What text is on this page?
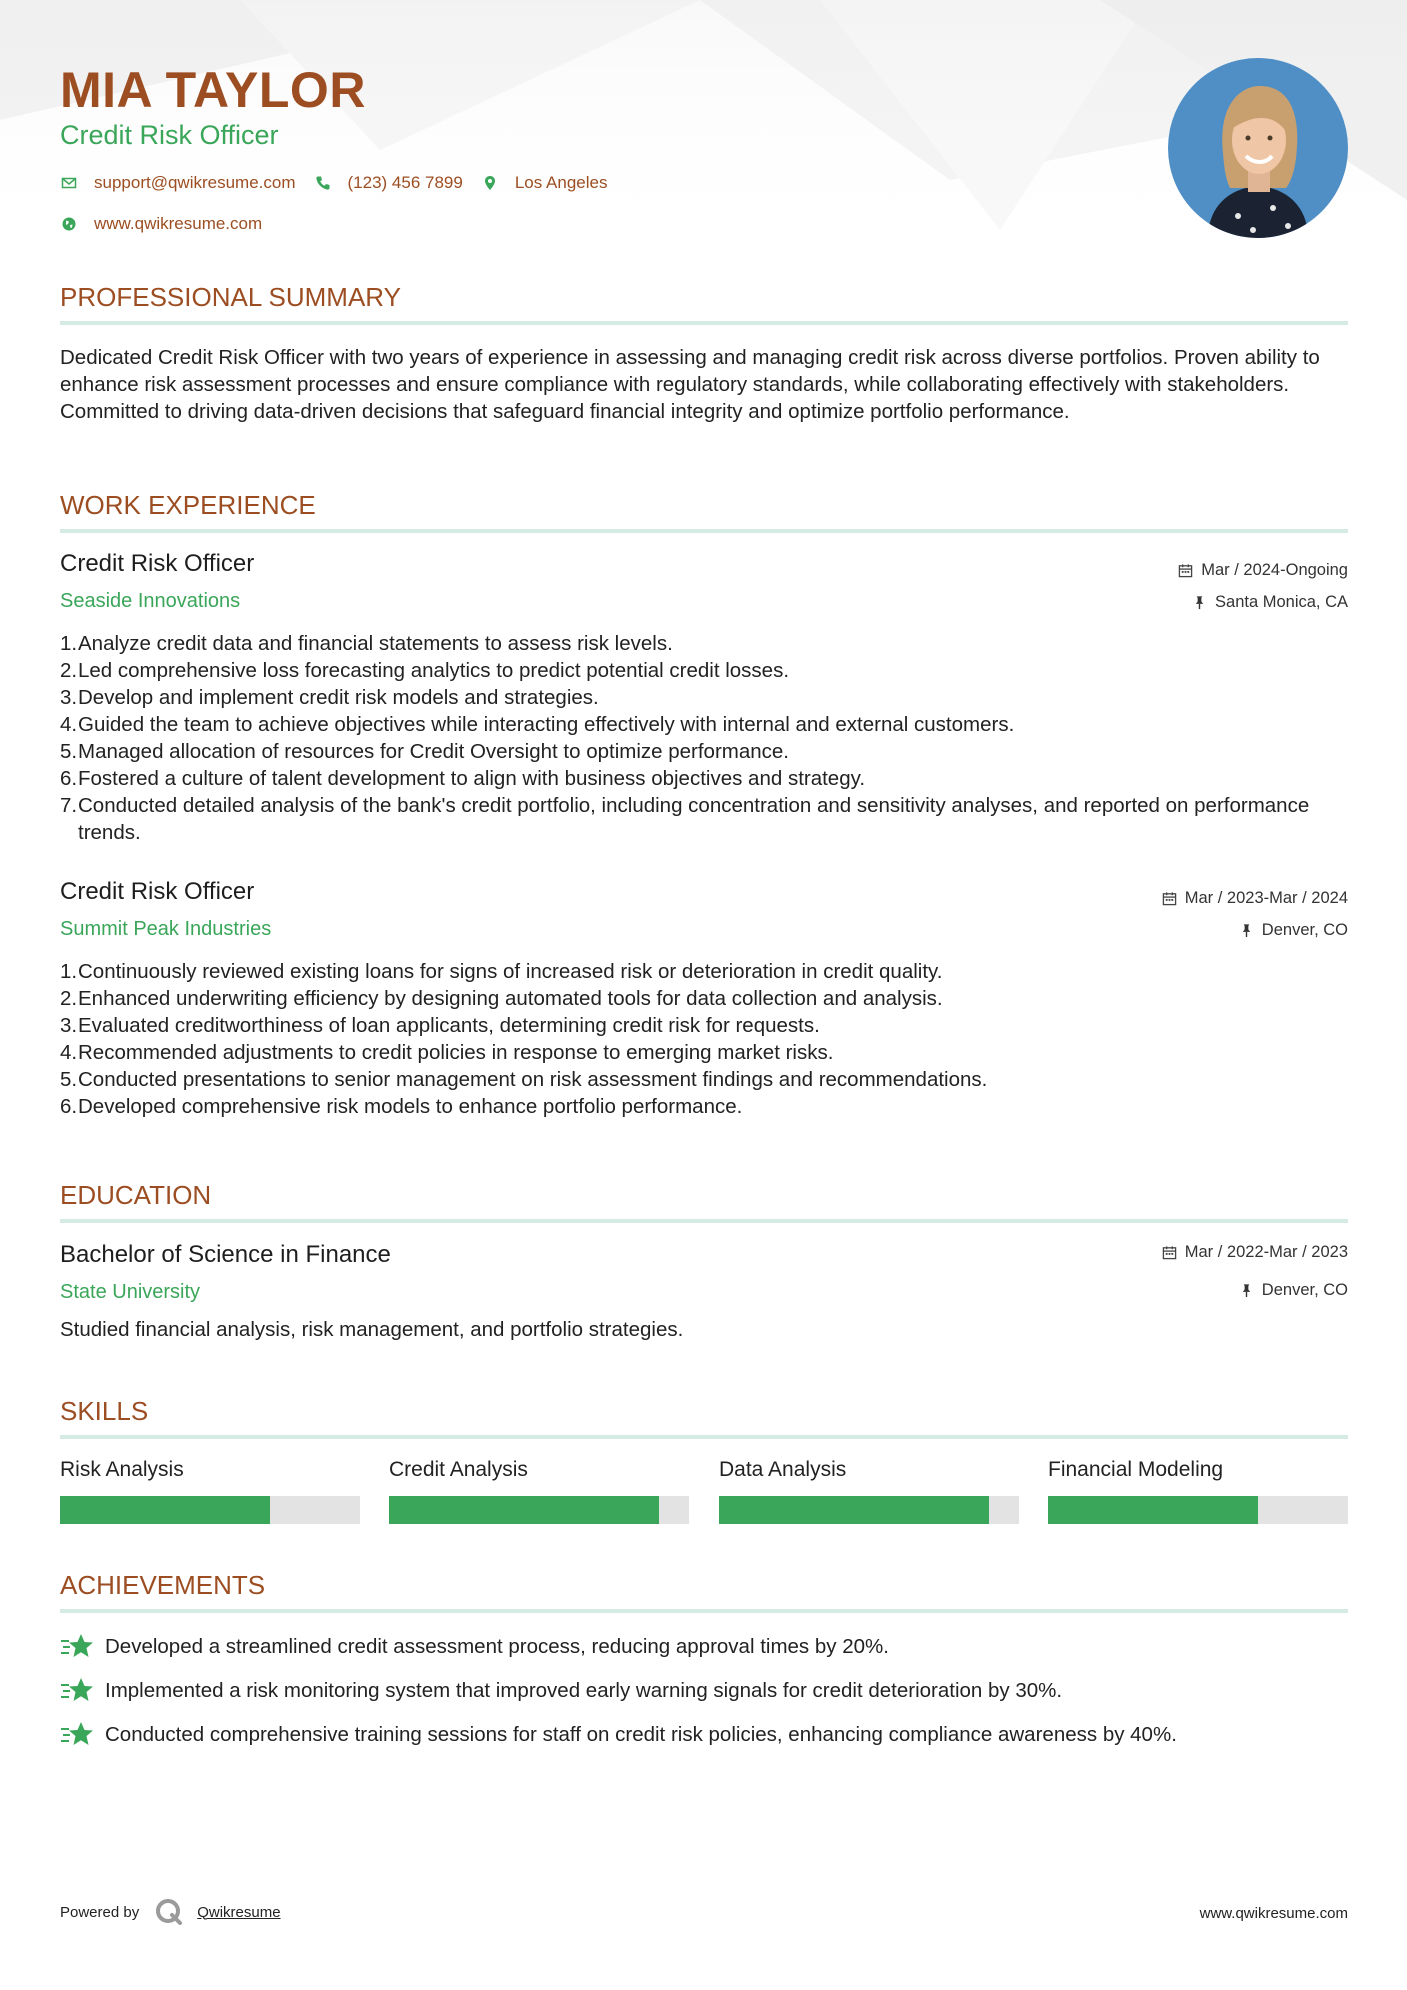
MIA TAYLOR
Credit Risk Officer
support@qwikresume.com	(123) 456 7899	Los Angeles
www.qwikresume.com
PROFESSIONAL SUMMARY

Dedicated Credit Risk Officer with two years of experience in assessing and managing credit risk across diverse portfolios. Proven ability to enhance risk assessment processes and ensure compliance with regulatory standards, while collaborating effectively with stakeholders. Committed to driving data-driven decisions that safeguard financial integrity and optimize portfolio performance.

WORK EXPERIENCE
Credit Risk Officer
Seaside Innovations
Mar / 2024-Ongoing
Santa Monica, CA
1. Analyze credit data and financial statements to assess risk levels.
2. Led comprehensive loss forecasting analytics to predict potential credit losses.
3. Develop and implement credit risk models and strategies.
4. Guided the team to achieve objectives while interacting effectively with internal and external customers.
5. Managed allocation of resources for Credit Oversight to optimize performance.
6. Fostered a culture of talent development to align with business objectives and strategy.
7. Conducted detailed analysis of the bank's credit portfolio, including concentration and sensitivity analyses, and reported on performance trends.
Credit Risk Officer
Summit Peak Industries
Mar / 2023-Mar / 2024
Denver, CO
1. Continuously reviewed existing loans for signs of increased risk or deterioration in credit quality.
2. Enhanced underwriting efficiency by designing automated tools for data collection and analysis.
3. Evaluated creditworthiness of loan applicants, determining credit risk for requests.
4. Recommended adjustments to credit policies in response to emerging market risks.
5. Conducted presentations to senior management on risk assessment findings and recommendations.
6. Developed comprehensive risk models to enhance portfolio performance.
EDUCATION
Bachelor of Science in Finance
State University
Mar / 2022-Mar / 2023
Denver, CO

Studied financial analysis, risk management, and portfolio strategies.

SKILLS
Risk Analysis	Credit Analysis	Data Analysis	Financial Modeling
ACHIEVEMENTS
Developed a streamlined credit assessment process, reducing approval times by 20%.
Implemented a risk monitoring system that improved early warning signals for credit deterioration by 30%.
Conducted comprehensive training sessions for staff on credit risk policies, enhancing compliance awareness by 40%.
Powered by	Qwikresume	www.qwikresume.com
